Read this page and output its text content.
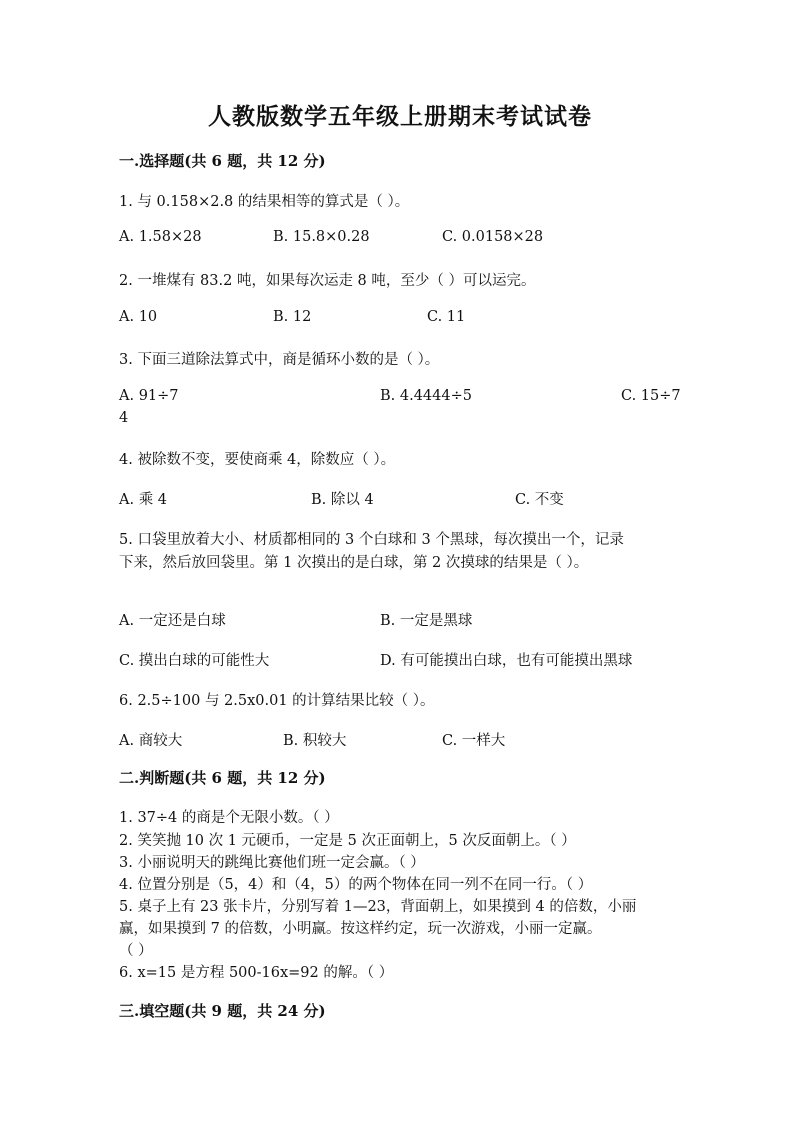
人教版数学五年级上册期末考试试卷
一.选择题(共 6 题，共 12 分)
1. 与 0.158×2.8 的结果相等的算式是（ ）。
A. 1.58×28	B. 15.8×0.28	C. 0.0158×28
2. 一堆煤有 83.2 吨，如果每次运走 8 吨，至少（ ）可以运完。
A. 10	B. 12	C. 11
3. 下面三道除法算式中，商是循环小数的是（ ）。
A. 91÷7	B. 4.4444÷5	C. 15÷7
4
4. 被除数不变，要使商乘 4，除数应（ ）。
A. 乘 4	B. 除以 4	C. 不变
5. 口袋里放着大小、材质都相同的 3 个白球和 3 个黑球，每次摸出一个，记录
下来，然后放回袋里。第 1 次摸出的是白球，第 2 次摸球的结果是（ ）。
A. 一定还是白球	B. 一定是黑球
C. 摸出白球的可能性大	D. 有可能摸出白球，也有可能摸出黑球
6. 2.5÷100 与 2.5x0.01 的计算结果比较（ ）。
A. 商较大	B. 积较大	C. 一样大
二.判断题(共 6 题，共 12 分)
1. 37÷4 的商是个无限小数。（ ）
2. 笑笑抛 10 次 1 元硬币，一定是 5 次正面朝上，5 次反面朝上。（ ）
3. 小丽说明天的跳绳比赛他们班一定会赢。（ ）
4. 位置分别是（5，4）和（4，5）的两个物体在同一列不在同一行。（ ）
5. 桌子上有 23 张卡片，分别写着 1—23，背面朝上，如果摸到 4 的倍数，小丽
赢，如果摸到 7 的倍数，小明赢。按这样约定，玩一次游戏，小丽一定赢。
（ ）
6. x=15 是方程 500-16x=92 的解。（ ）
三.填空题(共 9 题，共 24 分)
